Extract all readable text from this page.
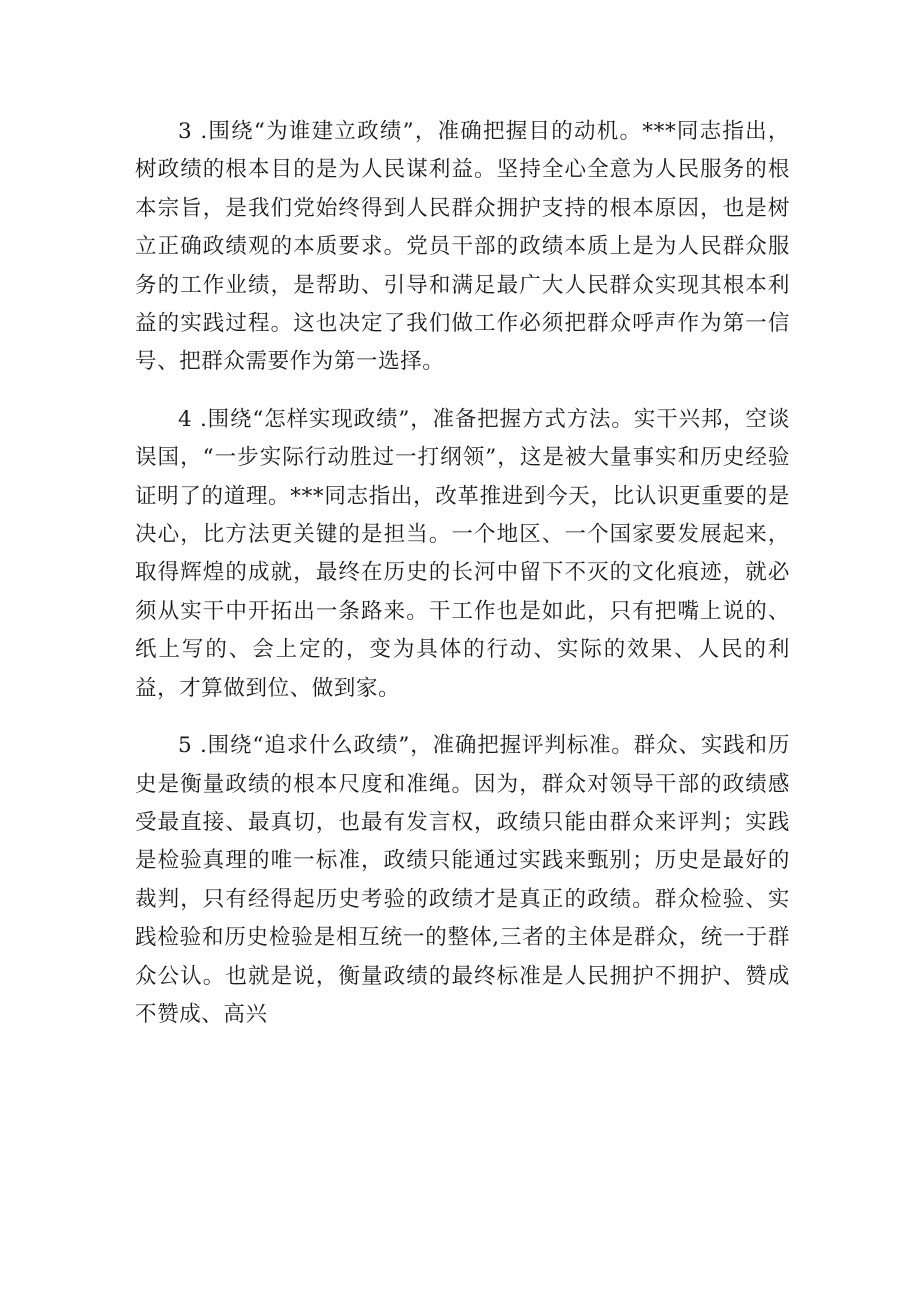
3 .围绕“为谁建立政绩”，准确把握目的动机。***同志指出，树政绩的根本目的是为人民谋利益。坚持全心全意为人民服务的根本宗旨，是我们党始终得到人民群众拥护支持的根本原因，也是树立正确政绩观的本质要求。党员干部的政绩本质上是为人民群众服务的工作业绩，是帮助、引导和满足最广大人民群众实现其根本利益的实践过程。这也决定了我们做工作必须把群众呼声作为第一信号、把群众需要作为第一选择。

4 .围绕“怎样实现政绩”，准备把握方式方法。实干兴邦，空谈误国，“一步实际行动胜过一打纲领”，这是被大量事实和历史经验证明了的道理。***同志指出，改革推进到今天，比认识更重要的是决心，比方法更关键的是担当。一个地区、一个国家要发展起来，取得辉煌的成就，最终在历史的长河中留下不灭的文化痕迹，就必须从实干中开拓出一条路来。干工作也是如此，只有把嘴上说的、纸上写的、会上定的，变为具体的行动、实际的效果、人民的利益，才算做到位、做到家。

5 .围绕“追求什么政绩”，准确把握评判标准。群众、实践和历史是衡量政绩的根本尺度和准绳。因为，群众对领导干部的政绩感受最直接、最真切，也最有发言权，政绩只能由群众来评判；实践是检验真理的唯一标准，政绩只能通过实践来甄别；历史是最好的裁判，只有经得起历史考验的政绩才是真正的政绩。群众检验、实践检验和历史检验是相互统一的整体,三者的主体是群众，统一于群众公认。也就是说，衡量政绩的最终标准是人民拥护不拥护、赞成不赞成、高兴
